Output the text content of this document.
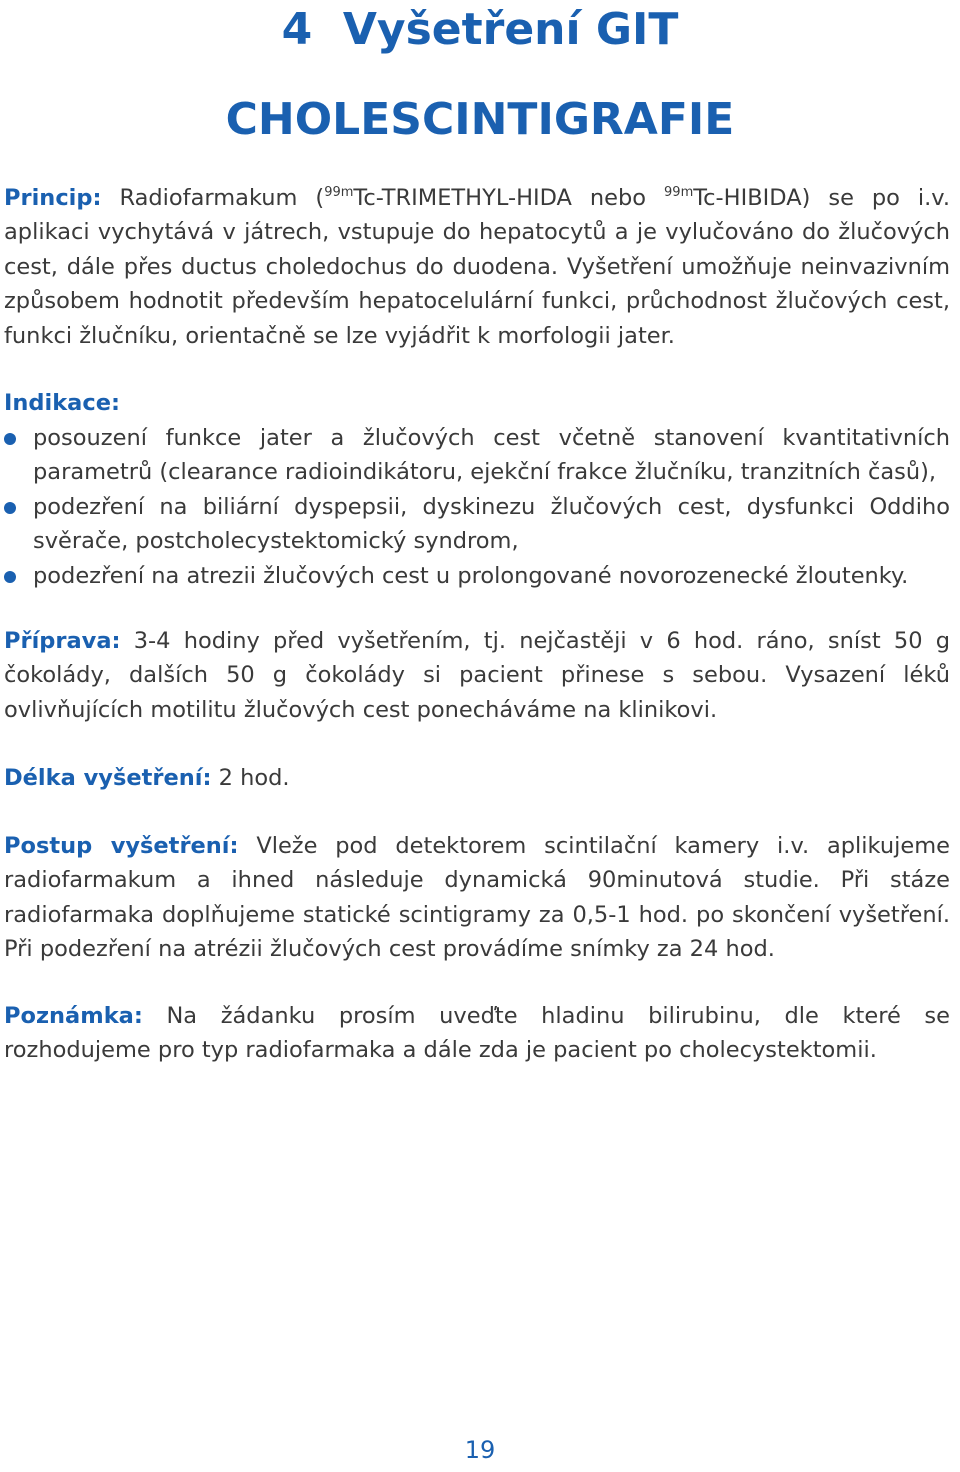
4 Vyšetření GIT
CHOLESCINTIGRAFIE

Princip: Radiofarmakum ($^{99m}$Tc-TRIMETHYL-HIDA nebo $^{99m}$Tc-HIBIDA) se po i.v. aplikaci vychytává v játrech, vstupuje do hepatocytů a je vylučováno do žlučových cest, dále přes ductus choledochus do duodena. Vyšetření umožňuje neinvazivním způsobem hodnotit především hepatocelulární funkci, průchodnost žlučových cest, funkci žlučníku, orientačně se lze vyjádřit k morfologii jater.

Indikace:

posouzení funkce jater a žlučových cest včetně stanovení kvantitativních parametrů (clearance radioindikátoru, ejekční frakce žlučníku, tranzitních časů),
podezření na biliární dyspepsii, dyskinezu žlučových cest, dysfunkci Oddiho svěrače, postcholecystektomický syndrom,
podezření na atrezii žlučových cest u prolongované novorozenecké žloutenky.

Příprava: 3-4 hodiny před vyšetřením, tj. nejčastěji v 6 hod. ráno, sníst 50 g čokolády, dalších 50 g čokolády si pacient přinese s sebou. Vysazení léků ovlivňujících motilitu žlučových cest ponecháváme na klinikovi.

Délka vyšetření: 2 hod.

Postup vyšetření: Vleže pod detektorem scintilační kamery i.v. aplikujeme radiofarmakum a ihned následuje dynamická 90minutová studie. Při stáze radiofarmaka doplňujeme statické scintigramy za 0,5-1 hod. po skončení vyšetření. Při podezření na atrézii žlučových cest provádíme snímky za 24 hod.

Poznámka: Na žádanku prosím uveďte hladinu bilirubinu, dle které se rozhodujeme pro typ radiofarmaka a dále zda je pacient po cholecystektomii.

19
